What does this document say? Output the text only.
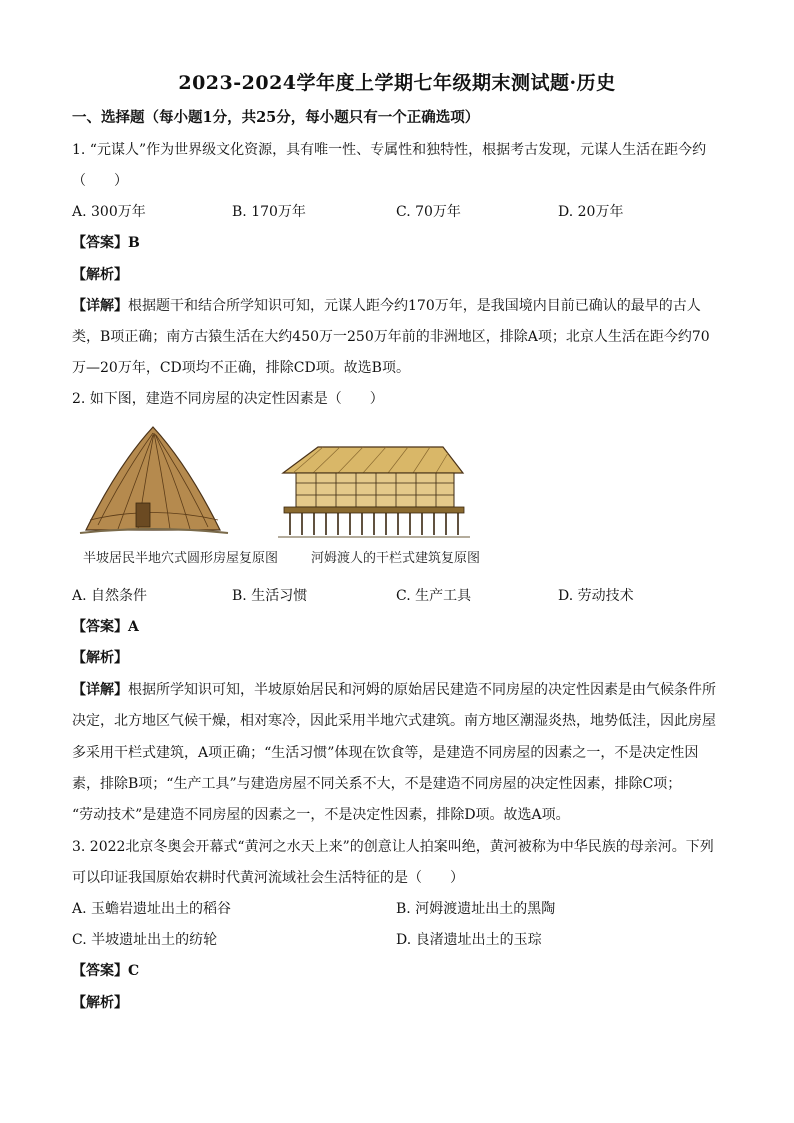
2023-2024学年度上学期七年级期末测试题·历史
一、选择题（每小题1分，共25分，每小题只有一个正确选项）
1. “元谋人”作为世界级文化资源，具有唯一性、专属性和独特性，根据考古发现，元谋人生活在距今约
（　　）
A. 300万年	B. 170万年	C. 70万年	D. 20万年
【答案】B
【解析】
【详解】根据题干和结合所学知识可知，元谋人距今约170万年，是我国境内目前已确认的最早的古人
类，B项正确；南方古猿生活在大约450万一250万年前的非洲地区，排除A项；北京人生活在距今约70
万—20万年，CD项均不正确，排除CD项。故选B项。
2. 如下图，建造不同房屋的决定性因素是（　　）
半坡居民半地穴式圆形房屋复原图	河姆渡人的干栏式建筑复原图
A. 自然条件	B. 生活习惯	C. 生产工具	D. 劳动技术
【答案】A
【解析】
【详解】根据所学知识可知，半坡原始居民和河姆的原始居民建造不同房屋的决定性因素是由气候条件所
决定，北方地区气候干燥，相对寒冷，因此采用半地穴式建筑。南方地区潮湿炎热，地势低洼，因此房屋
多采用干栏式建筑，A项正确；“生活习惯”体现在饮食等，是建造不同房屋的因素之一，不是决定性因
素，排除B项；“生产工具”与建造房屋不同关系不大，不是建造不同房屋的决定性因素，排除C项；
“劳动技术”是建造不同房屋的因素之一，不是决定性因素，排除D项。故选A项。
3. 2022北京冬奥会开幕式“黄河之水天上来”的创意让人拍案叫绝，黄河被称为中华民族的母亲河。下列
可以印证我国原始农耕时代黄河流域社会生活特征的是（　　）
A. 玉蟾岩遗址出土的稻谷	B. 河姆渡遗址出土的黑陶
C. 半坡遗址出土的纺轮	D. 良渚遗址出土的玉琮
【答案】C
【解析】
